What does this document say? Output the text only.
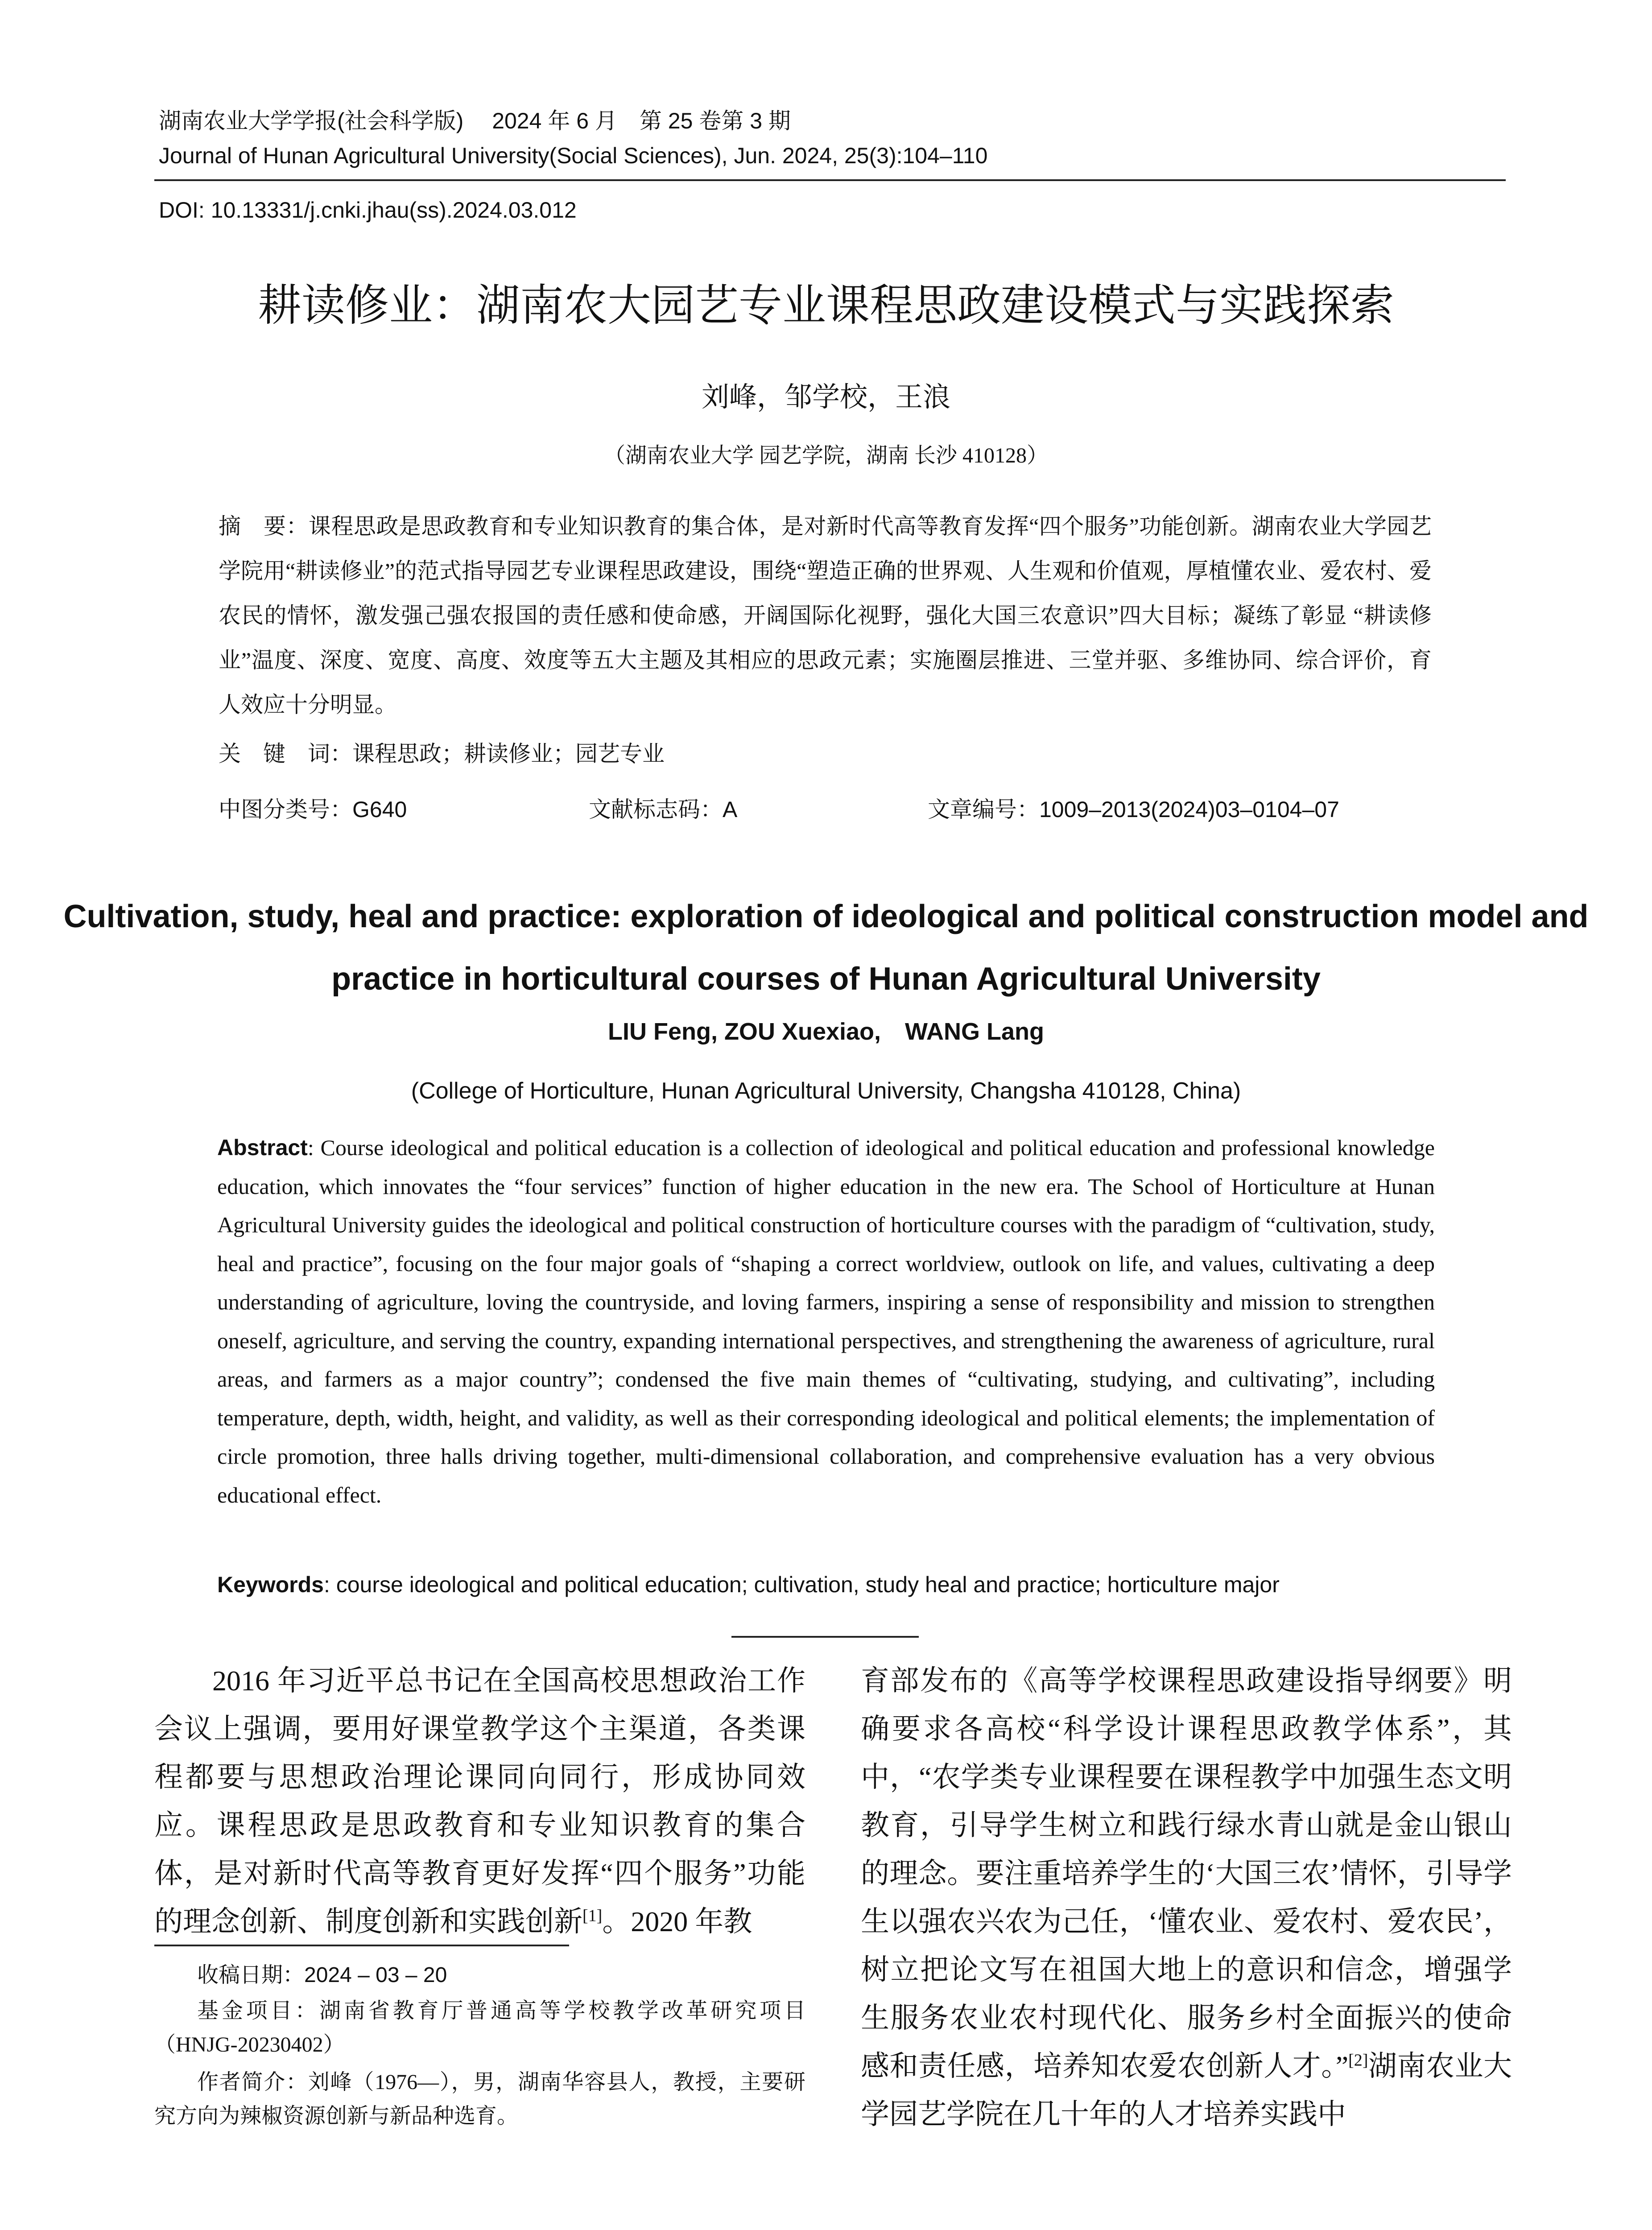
湖南农业大学学报(社会科学版)　 2024 年 6 月　第 25 卷第 3 期
Journal of Hunan Agricultural University(Social Sciences), Jun. 2024, 25(3):104–110
DOI: 10.13331/j.cnki.jhau(ss).2024.03.012
耕读修业：湖南农大园艺专业课程思政建设模式与实践探索
刘峰，邹学校，王浪
（湖南农业大学 园艺学院，湖南 长沙 410128）
摘　要：课程思政是思政教育和专业知识教育的集合体，是对新时代高等教育发挥“四个服务”功能创新。湖南农业大学园艺学院用“耕读修业”的范式指导园艺专业课程思政建设，围绕“塑造正确的世界观、人生观和价值观，厚植懂农业、爱农村、爱农民的情怀，激发强己强农报国的责任感和使命感，开阔国际化视野，强化大国三农意识”四大目标；凝练了彰显 “耕读修业”温度、深度、宽度、高度、效度等五大主题及其相应的思政元素；实施圈层推进、三堂并驱、多维协同、综合评价，育人效应十分明显。
关　键　词：课程思政；耕读修业；园艺专业
中图分类号：G640	文献标志码：A	文章编号：1009–2013(2024)03–0104–07
Cultivation, study, heal and practice: exploration of ideological and political construction model and practice in horticultural courses of Hunan Agricultural University
LIU Feng, ZOU Xuexiao,　WANG Lang
(College of Horticulture, Hunan Agricultural University, Changsha 410128, China)
Abstract: Course ideological and political education is a collection of ideological and political education and professional knowledge education, which innovates the “four services” function of higher education in the new era. The School of Horticulture at Hunan Agricultural University guides the ideological and political construction of horticulture courses with the paradigm of “cultivation, study, heal and practice”, focusing on the four major goals of “shaping a correct worldview, outlook on life, and values, cultivating a deep understanding of agriculture, loving the countryside, and loving farmers, inspiring a sense of responsibility and mission to strengthen oneself, agriculture, and serving the country, expanding international perspectives, and strengthening the awareness of agriculture, rural areas, and farmers as a major country”; condensed the five main themes of “cultivating, studying, and cultivating”, including temperature, depth, width, height, and validity, as well as their corresponding ideological and political elements; the implementation of circle promotion, three halls driving together, multi-dimensional collaboration, and comprehensive evaluation has a very obvious educational effect.
Keywords: course ideological and political education; cultivation, study heal and practice; horticulture major
2016 年习近平总书记在全国高校思想政治工作会议上强调，要用好课堂教学这个主渠道，各类课程都要与思想政治理论课同向同行，形成协同效应。课程思政是思政教育和专业知识教育的集合体，是对新时代高等教育更好发挥“四个服务”功能的理念创新、制度创新和实践创新[1]。2020 年教
育部发布的《高等学校课程思政建设指导纲要》明确要求各高校“科学设计课程思政教学体系”，其中，“农学类专业课程要在课程教学中加强生态文明教育，引导学生树立和践行绿水青山就是金山银山的理念。要注重培养学生的‘大国三农’情怀，引导学生以强农兴农为己任，‘懂农业、爱农村、爱农民’，树立把论文写在祖国大地上的意识和信念，增强学生服务农业农村现代化、服务乡村全面振兴的使命感和责任感，培养知农爱农创新人才。”[2]湖南农业大学园艺学院在几十年的人才培养实践中
收稿日期：2024 – 03 – 20
基金项目：湖南省教育厅普通高等学校教学改革研究项目（HNJG-20230402）
作者简介：刘峰（1976—），男，湖南华容县人，教授，主要研究方向为辣椒资源创新与新品种选育。
